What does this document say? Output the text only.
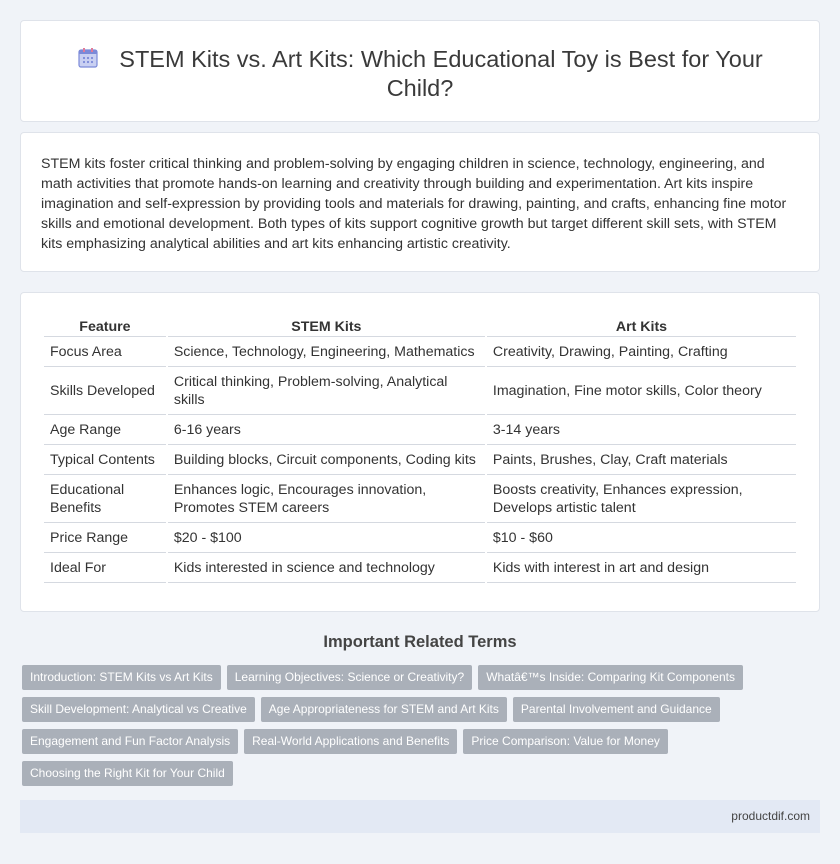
STEM Kits vs. Art Kits: Which Educational Toy is Best for Your Child?

STEM kits foster critical thinking and problem-solving by engaging children in science, technology, engineering, and math activities that promote hands-on learning and creativity through building and experimentation. Art kits inspire imagination and self-expression by providing tools and materials for drawing, painting, and crafts, enhancing fine motor skills and emotional development. Both types of kits support cognitive growth but target different skill sets, with STEM kits emphasizing analytical abilities and art kits enhancing artistic creativity.

Feature	STEM Kits	Art Kits
Focus Area	Science, Technology, Engineering, Mathematics	Creativity, Drawing, Painting, Crafting
Skills Developed	Critical thinking, Problem-solving, Analytical skills	Imagination, Fine motor skills, Color theory
Age Range	6-16 years	3-14 years
Typical Contents	Building blocks, Circuit components, Coding kits	Paints, Brushes, Clay, Craft materials
Educational Benefits	Enhances logic, Encourages innovation, Promotes STEM careers	Boosts creativity, Enhances expression, Develops artistic talent
Price Range	$20 - $100	$10 - $60
Ideal For	Kids interested in science and technology	Kids with interest in art and design
Important Related Terms
Introduction: STEM Kits vs Art Kits	Learning Objectives: Science or Creativity?	Whatâ€™s Inside: Comparing Kit Components
Skill Development: Analytical vs Creative	Age Appropriateness for STEM and Art Kits	Parental Involvement and Guidance
Engagement and Fun Factor Analysis	Real-World Applications and Benefits	Price Comparison: Value for Money
Choosing the Right Kit for Your Child
productdif.com
